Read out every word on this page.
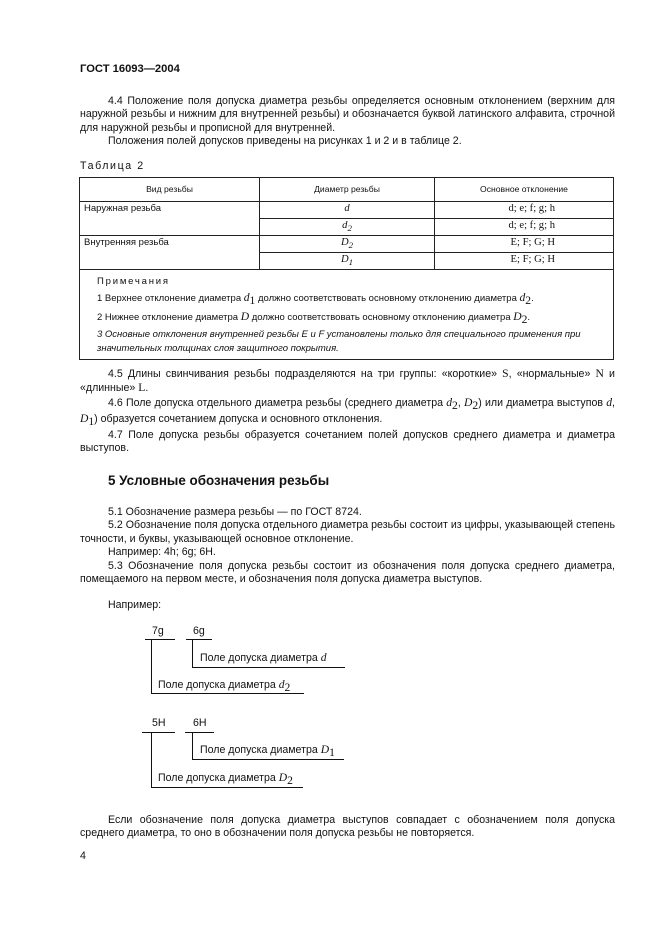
ГОСТ 16093—2004

4.4 Положение поля допуска диаметра резьбы определяется основным отклонением (верхним для наружной резьбы и нижним для внутренней резьбы) и обозначается буквой латинского алфавита, строчной для наружной резьбы и прописной для внутренней.

Положения полей допусков приведены на рисунках 1 и 2 и в таблице 2.

Таблица 2
Вид резьбы	Диаметр резьбы	Основное отклонение
Наружная резьба	d	d; e; f; g; h
	$d_2$	d; e; f; g; h
Внутренняя резьба	$D_2$	E; F; G; H
	$D_1$	E; F; G; H

Примечания
1 Верхнее отклонение диаметра $d_1$ должно соответствовать основному отклонению диаметра $d_2$.
2 Нижнее отклонение диаметра D должно соответствовать основному отклонению диаметра $D_2$.
3 Основные отклонения внутренней резьбы E и F установлены только для специального применения при значительных толщинах слоя защитного покрытия.		

4.5 Длины свинчивания резьбы подразделяются на три группы: «короткие» S, «нормальные» N и «длинные» L.

4.6 Поле допуска отдельного диаметра резьбы (среднего диаметра $d_2$, $D_2$) или диаметра выступов d, $D_1$) образуется сочетанием допуска и основного отклонения.

4.7 Поле допуска резьбы образуется сочетанием полей допусков среднего диаметра и диаметра выступов.

5 Условные обозначения резьбы

5.1 Обозначение размера резьбы — по ГОСТ 8724.

5.2 Обозначение поля допуска отдельного диаметра резьбы состоит из цифры, указывающей степень точности, и буквы, указывающей основное отклонение.

Например: 4h; 6g; 6H.

5.3 Обозначение поля допуска резьбы состоит из обозначения поля допуска среднего диаметра, помещаемого на первом месте, и обозначения поля допуска диаметра выступов.

Например:
7g	6g
Поле допуска диаметра d
Поле допуска диаметра $d_2$
5H	6H
Поле допуска диаметра $D_1$
Поле допуска диаметра $D_2$

Если обозначение поля допуска диаметра выступов совпадает с обозначением поля допуска среднего диаметра, то оно в обозначении поля допуска резьбы не повторяется.

4
